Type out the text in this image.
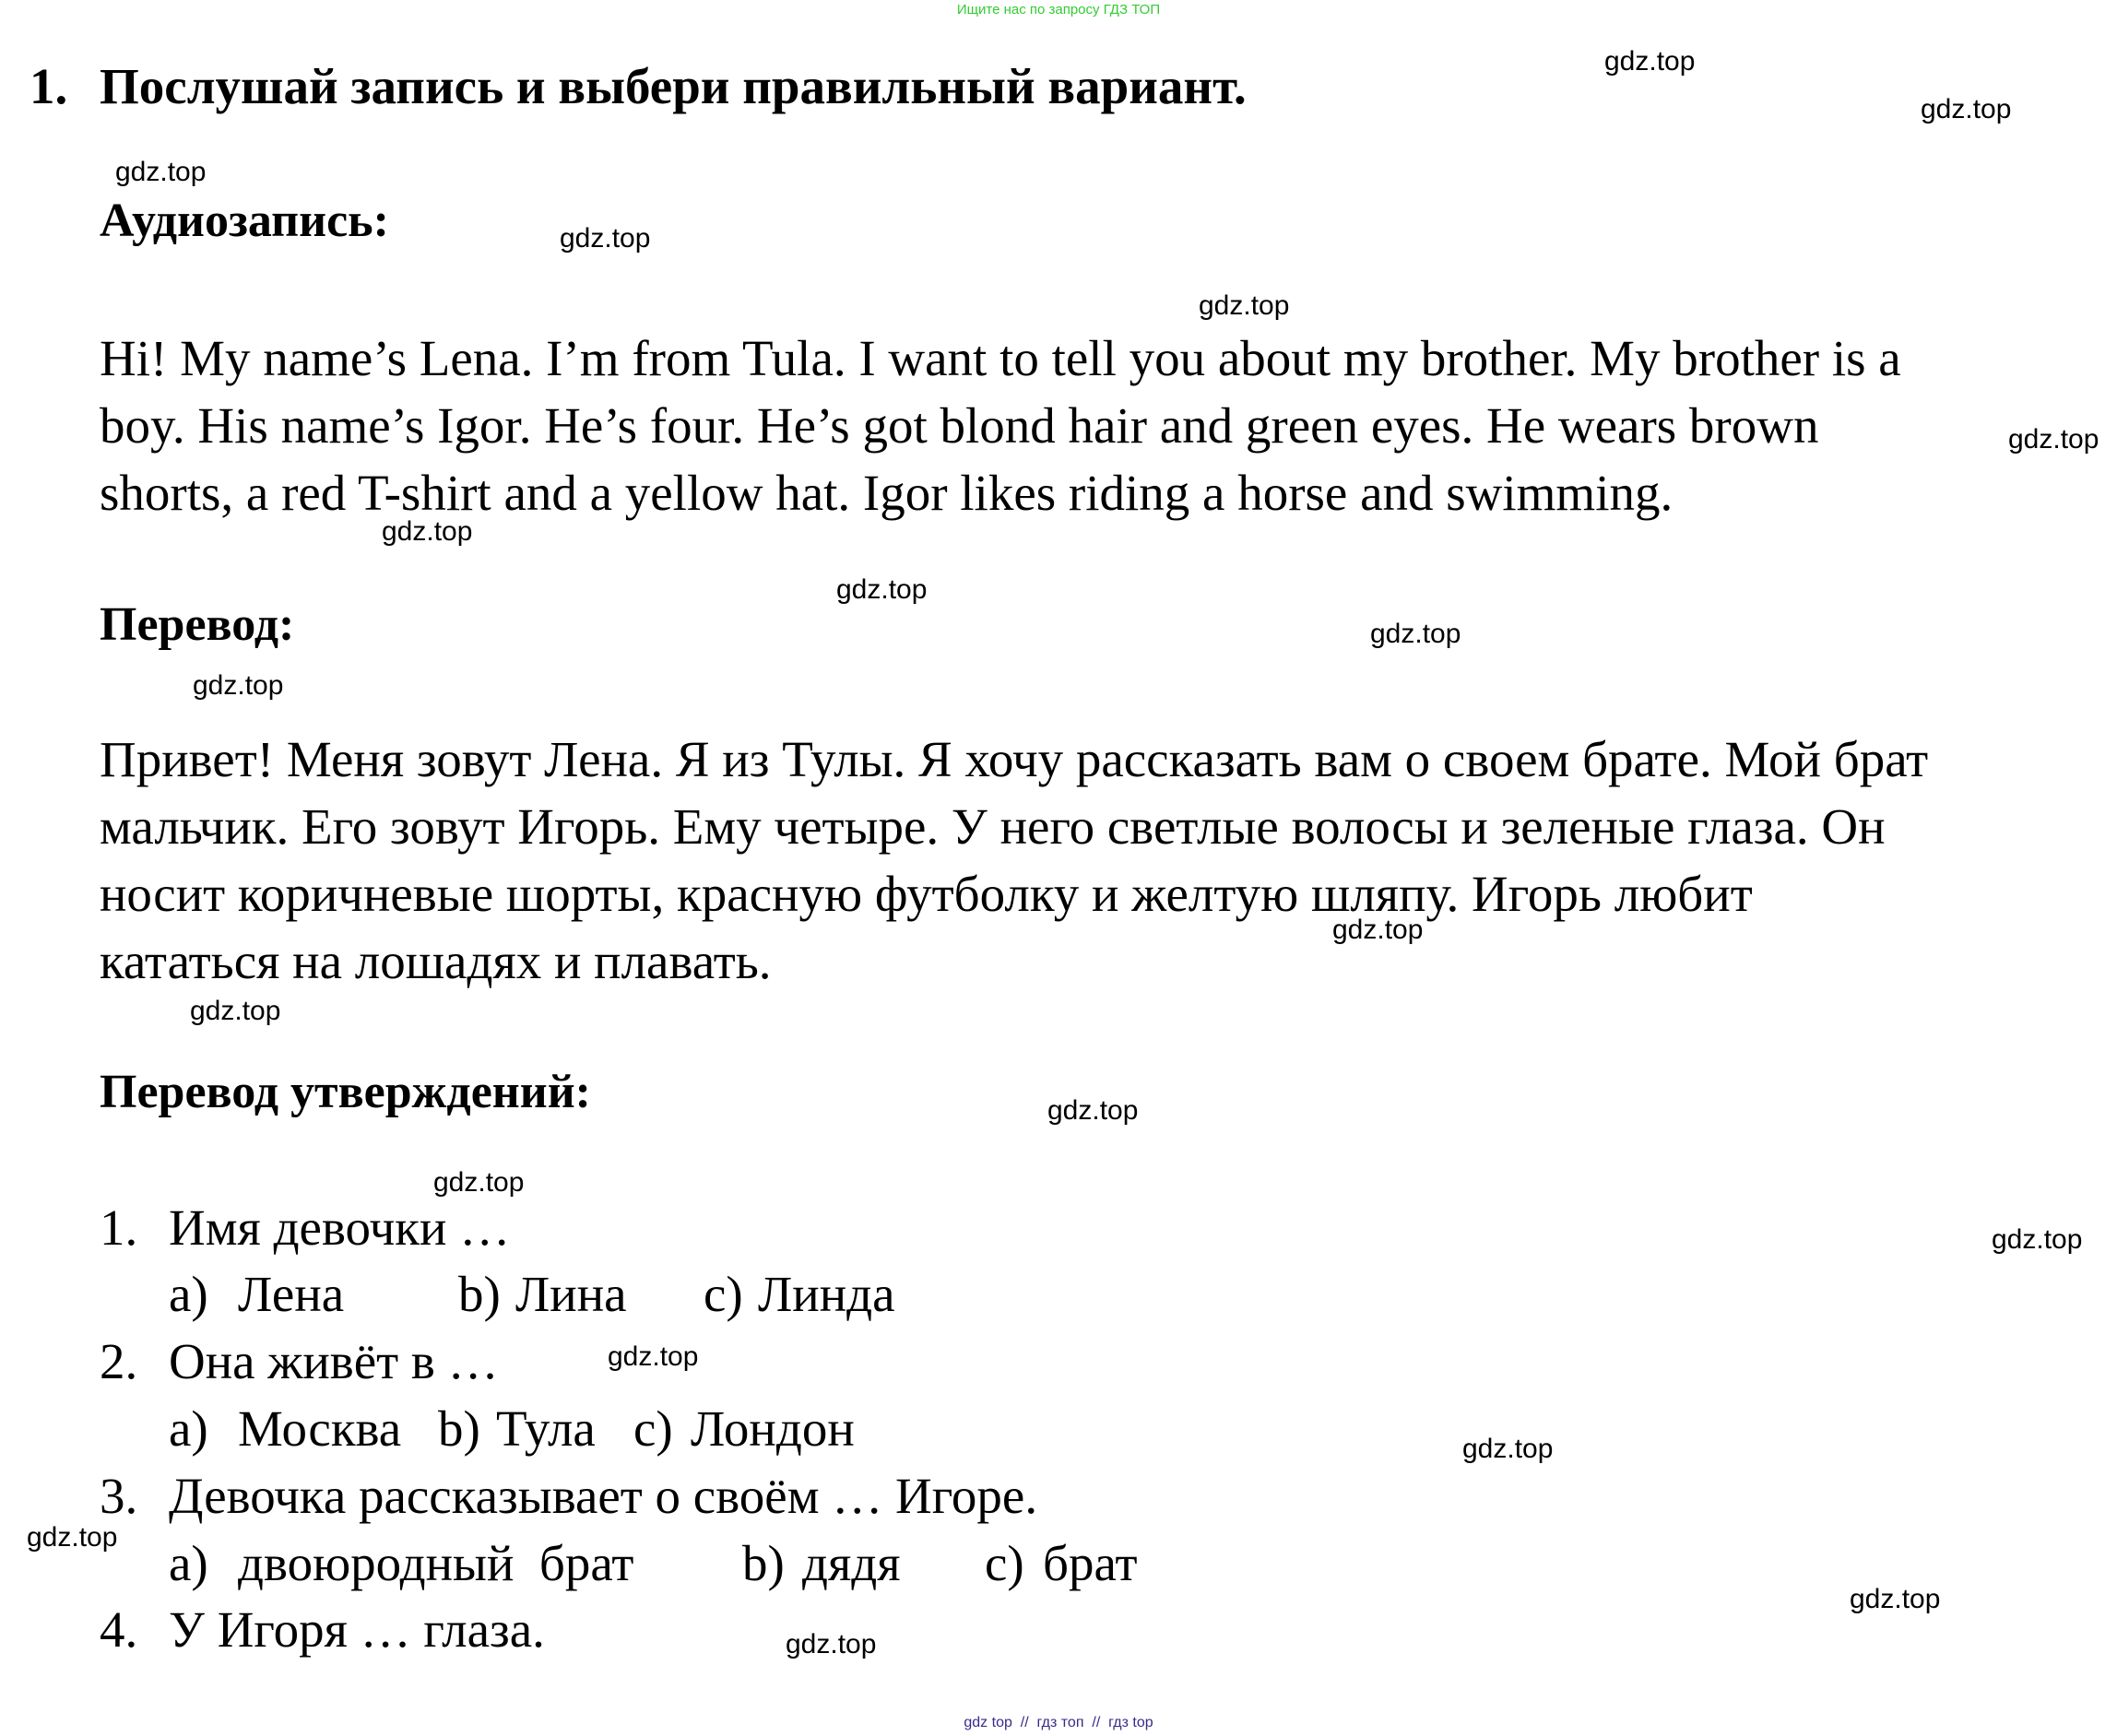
Ищите нас по запросу ГДЗ ТОП
1. Послушай запись и выбери правильный вариант.
Аудиозапись:
Hi! My name’s Lena. I’m from Tula. I want to tell you about my brother. My brother is a
boy. His name’s Igor. He’s four. He’s got blond hair and green eyes. He wears brown
shorts, a red T-shirt and a yellow hat. Igor likes riding a horse and swimming.
Перевод:
Привет! Меня зовут Лена. Я из Тулы. Я хочу рассказать вам о своем брате. Мой брат
мальчик. Его зовут Игорь. Ему четыре. У него светлые волосы и зеленые глаза. Он
носит коричневые шорты, красную футболку и желтую шляпу. Игорь любит
кататься на лошадях и плавать.
Перевод утверждений:
1. Имя девочки …
a) Лена b) Лина c) Линда
2. Она живёт в …
a) Москва b) Тула c) Лондон
3. Девочка рассказывает о своём … Игоре.
a) двоюродный  брат b) дядя c) брат
4. У Игоря … глаза.
gdz.top
gdz.top
gdz.top
gdz.top
gdz.top
gdz.top
gdz.top
gdz.top
gdz.top
gdz.top
gdz.top
gdz.top
gdz.top
gdz.top
gdz.top
gdz.top
gdz.top
gdz.top
gdz.top
gdz.top
gdz top  //  гдз топ  //  гдз top
